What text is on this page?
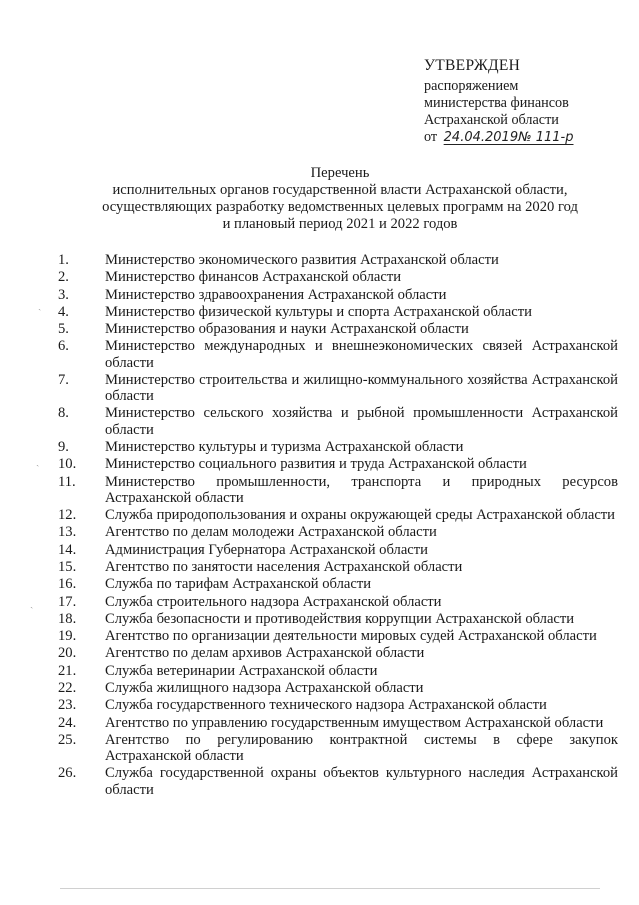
УТВЕРЖДЕН
распоряжением
министерства финансов
Астраханской области
от 24.04.2019№ 111-р
Перечень
исполнительных органов государственной власти Астраханской области,
осуществляющих разработку ведомственных целевых программ на 2020 год
и плановый период 2021 и 2022 годов
1.	Министерство экономического развития Астраханской области
2.	Министерство финансов Астраханской области
3.	Министерство здравоохранения Астраханской области
4.	Министерство физической культуры и спорта Астраханской области
5.	Министерство образования и науки Астраханской области
6.	Министерство международных и внешнеэкономических связей Астраханской области
7.	Министерство строительства и жилищно-коммунального хозяйства Астраханской области
8.	Министерство сельского хозяйства и рыбной промышленности Астраханской области
9.	Министерство культуры и туризма Астраханской области
10.	Министерство социального развития и труда Астраханской области
11.	Министерство промышленности, транспорта и природных ресурсов Астраханской области
12.	Служба природопользования и охраны окружающей среды Астраханской области
13.	Агентство по делам молодежи Астраханской области
14.	Администрация Губернатора Астраханской области
15.	Агентство по занятости населения Астраханской области
16.	Служба по тарифам Астраханской области
17.	Служба строительного надзора Астраханской области
18.	Служба безопасности и противодействия коррупции Астраханской области
19.	Агентство по организации деятельности мировых судей Астраханской области
20.	Агентство по делам архивов Астраханской области
21.	Служба ветеринарии Астраханской области
22.	Служба жилищного надзора Астраханской области
23.	Служба государственного технического надзора Астраханской области
24.	Агентство по управлению государственным имуществом Астраханской области
25.	Агентство по регулированию контрактной системы в сфере закупок Астраханской области
26.	Служба государственной охраны объектов культурного наследия Астраханской области
ˎ
ˎ
ˎ
